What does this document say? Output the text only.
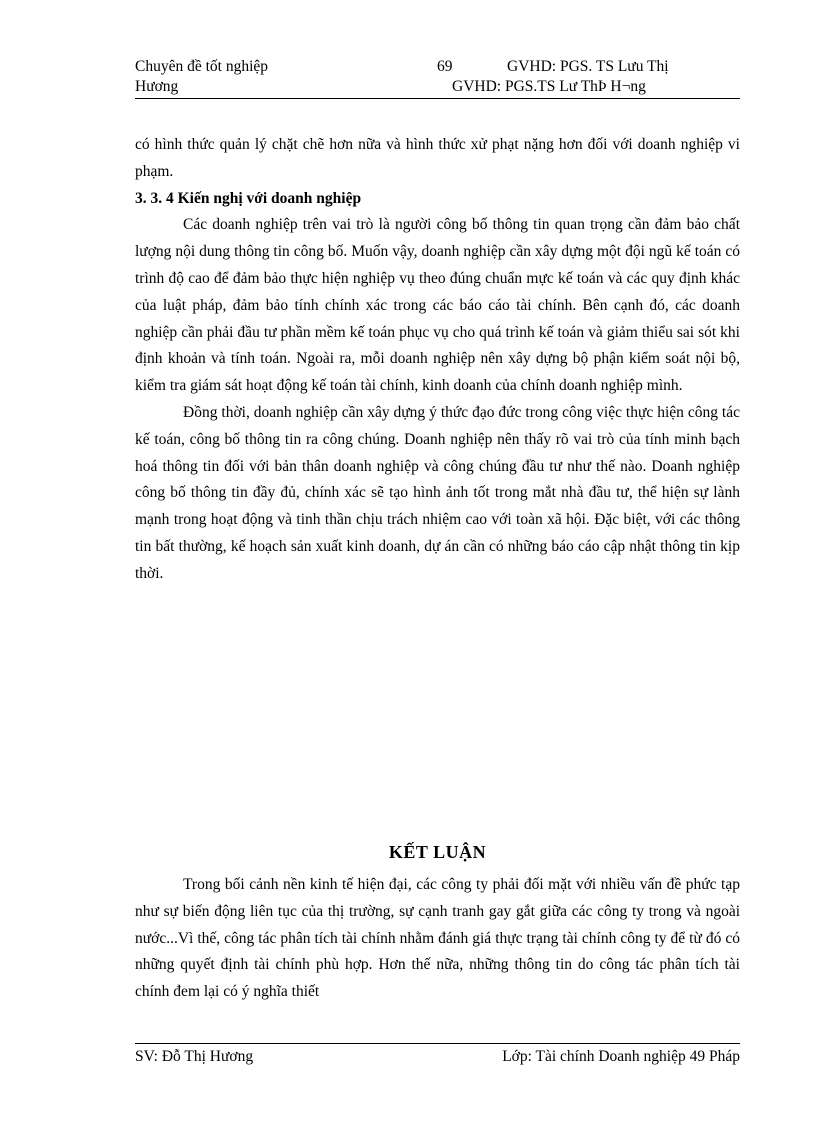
Chuyên đề tốt nghiệp	69	GVHD: PGS. TS Lưu Thị
Hương	GVHD: PGS.TS Lư ThÞ H¬ng

có hình thức quản lý chặt chẽ hơn nữa và hình thức xử phạt nặng hơn đối với doanh nghiệp vi phạm.

3. 3. 4 Kiến nghị với doanh nghiệp

Các doanh nghiệp trên vai trò là người công bố thông tin quan trọng cần đảm bảo chất lượng nội dung thông tin công bố. Muốn vậy, doanh nghiệp cần xây dựng một đội ngũ kế toán có trình độ cao để đảm bảo thực hiện nghiệp vụ theo đúng chuẩn mực kế toán và các quy định khác của luật pháp, đảm bảo tính chính xác trong các báo cáo tài chính. Bên cạnh đó, các doanh nghiệp cần phải đầu tư phần mềm kế toán phục vụ cho quá trình kế toán và giảm thiểu sai sót khi định khoản và tính toán. Ngoài ra, mỗi doanh nghiệp nên xây dựng bộ phận kiểm soát nội bộ, kiểm tra giám sát hoạt động kế toán tài chính, kinh doanh của chính doanh nghiệp mình.

Đồng thời, doanh nghiệp cần xây dựng ý thức đạo đức trong công việc thực hiện công tác kế toán, công bố thông tin ra công chúng. Doanh nghiệp nên thấy rõ vai trò của tính minh bạch hoá thông tin đối với bản thân doanh nghiệp và công chúng đầu tư như thế nào. Doanh nghiệp công bố thông tin đầy đủ, chính xác sẽ tạo hình ảnh tốt trong mắt nhà đầu tư, thể hiện sự lành mạnh trong hoạt động và tinh thần chịu trách nhiệm cao với toàn xã hội. Đặc biệt, với các thông tin bất thường, kế hoạch sản xuất kinh doanh, dự án cần có những báo cáo cập nhật thông tin kịp thời.

KẾT LUẬN

Trong bối cảnh nền kinh tế hiện đại, các công ty phải đối mặt với nhiều vấn đề phức tạp như sự biến động liên tục của thị trường, sự cạnh tranh gay gắt giữa các công ty trong và ngoài nước...Vì thế, công tác phân tích tài chính nhằm đánh giá thực trạng tài chính công ty để từ đó có những quyết định tài chính phù hợp. Hơn thế nữa, những thông tin do công tác phân tích tài chính đem lại có ý nghĩa thiết

SV: Đỗ Thị Hương	Lớp: Tài chính Doanh nghiệp 49 Pháp
